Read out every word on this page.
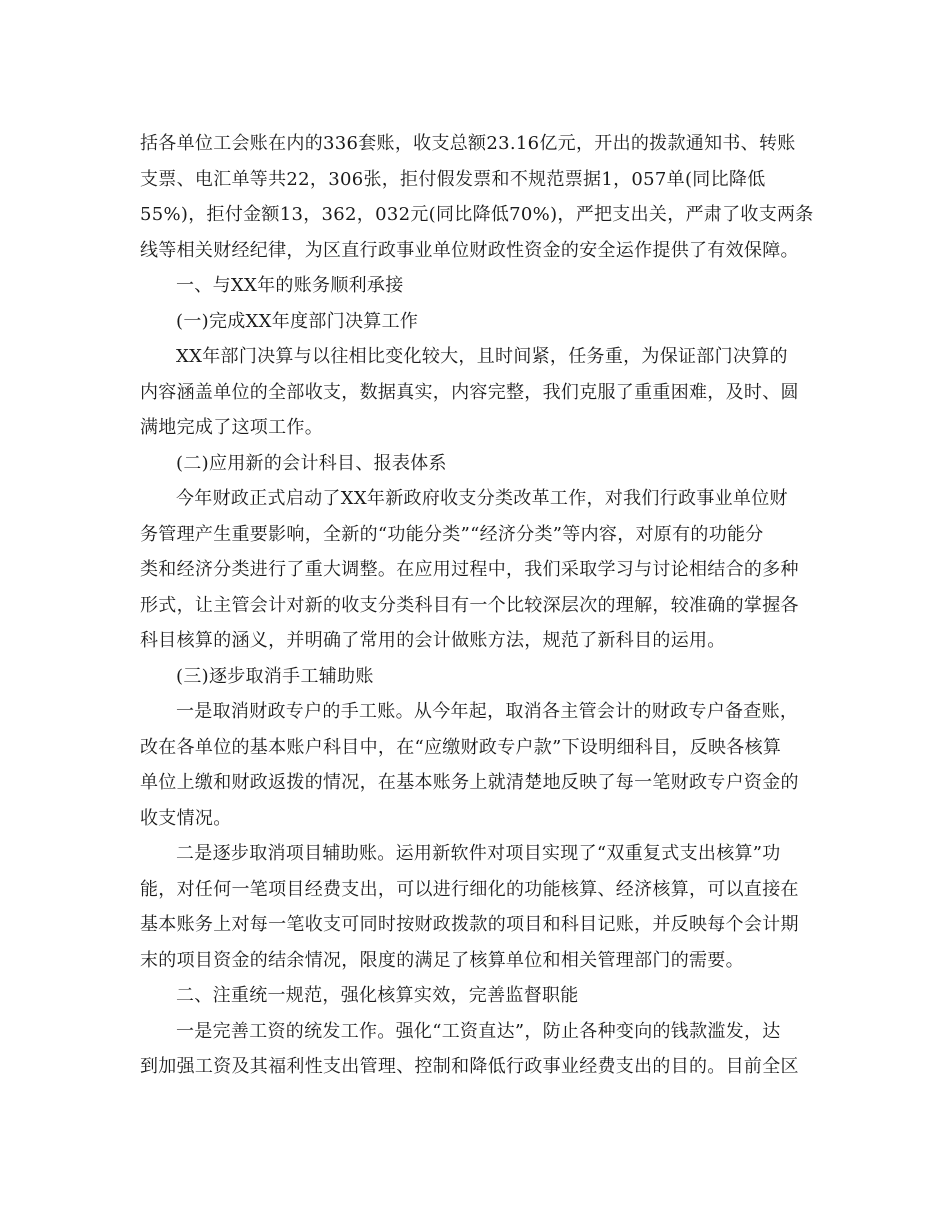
括各单位工会账在内的336套账，收支总额23.16亿元，开出的拨款通知书、转账
支票、电汇单等共22，306张，拒付假发票和不规范票据1，057单(同比降低
55%)，拒付金额13，362，032元(同比降低70%)，严把支出关，严肃了收支两条
线等相关财经纪律，为区直行政事业单位财政性资金的安全运作提供了有效保障。
一、与XX年的账务顺利承接
(一)完成XX年度部门决算工作
XX年部门决算与以往相比变化较大，且时间紧，任务重，为保证部门决算的
内容涵盖单位的全部收支，数据真实，内容完整，我们克服了重重困难，及时、圆
满地完成了这项工作。
(二)应用新的会计科目、报表体系
今年财政正式启动了XX年新政府收支分类改革工作，对我们行政事业单位财
务管理产生重要影响，全新的“功能分类”“经济分类”等内容，对原有的功能分
类和经济分类进行了重大调整。在应用过程中，我们采取学习与讨论相结合的多种
形式，让主管会计对新的收支分类科目有一个比较深层次的理解，较准确的掌握各
科目核算的涵义，并明确了常用的会计做账方法，规范了新科目的运用。
(三)逐步取消手工辅助账
一是取消财政专户的手工账。从今年起，取消各主管会计的财政专户备查账，
改在各单位的基本账户科目中，在“应缴财政专户款”下设明细科目，反映各核算
单位上缴和财政返拨的情况，在基本账务上就清楚地反映了每一笔财政专户资金的
收支情况。
二是逐步取消项目辅助账。运用新软件对项目实现了“双重复式支出核算”功
能，对任何一笔项目经费支出，可以进行细化的功能核算、经济核算，可以直接在
基本账务上对每一笔收支可同时按财政拨款的项目和科目记账，并反映每个会计期
末的项目资金的结余情况，限度的满足了核算单位和相关管理部门的需要。
二、注重统一规范，强化核算实效，完善监督职能
一是完善工资的统发工作。强化“工资直达”，防止各种变向的钱款滥发，达
到加强工资及其福利性支出管理、控制和降低行政事业经费支出的目的。目前全区
